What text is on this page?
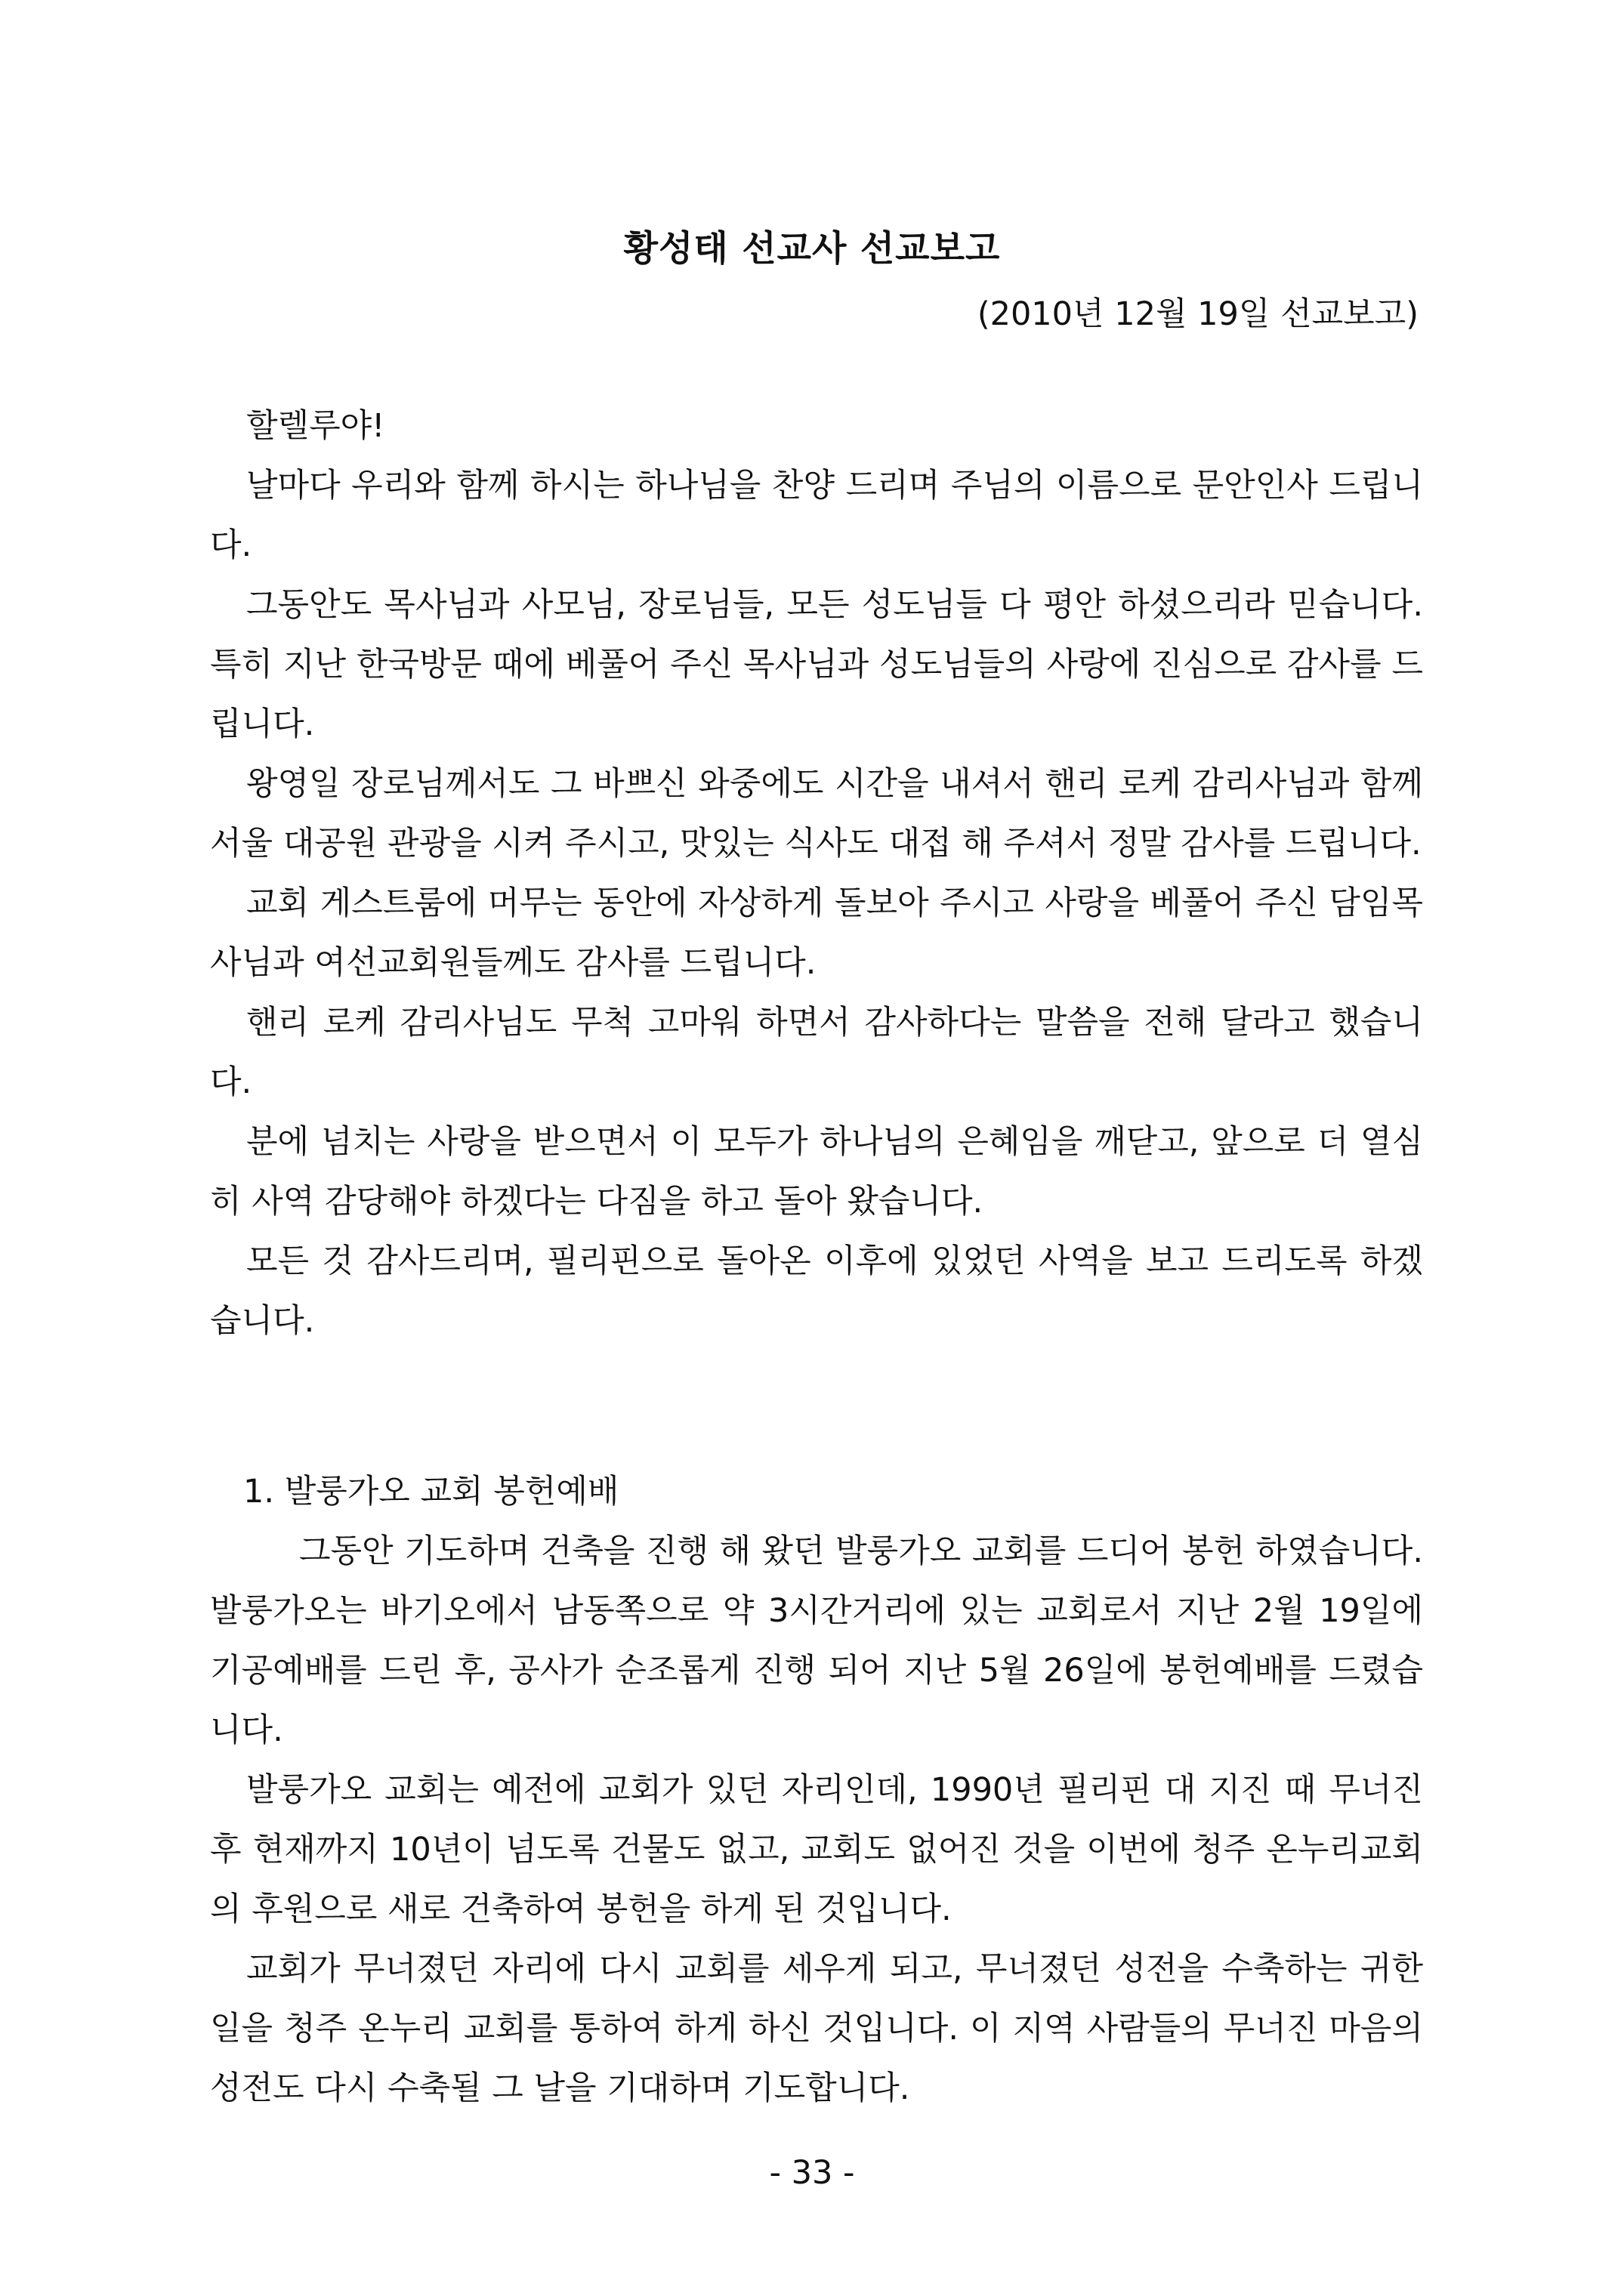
황성태 선교사 선교보고
(2010년 12월 19일 선교보고)

할렐루야!

날마다 우리와 함께 하시는 하나님을 찬양 드리며 주님의 이름으로 문안인사 드립니다.

그동안도 목사님과 사모님, 장로님들, 모든 성도님들 다 평안 하셨으리라 믿습니다. 특히 지난 한국방문 때에 베풀어 주신 목사님과 성도님들의 사랑에 진심으로 감사를 드립니다.

왕영일 장로님께서도 그 바쁘신 와중에도 시간을 내셔서 핸리 로케 감리사님과 함께 서울 대공원 관광을 시켜 주시고, 맛있는 식사도 대접 해 주셔서 정말 감사를 드립니다.

교회 게스트룸에 머무는 동안에 자상하게 돌보아 주시고 사랑을 베풀어 주신 담임목사님과 여선교회원들께도 감사를 드립니다.

핸리 로케 감리사님도 무척 고마워 하면서 감사하다는 말씀을 전해 달라고 했습니다.

분에 넘치는 사랑을 받으면서 이 모두가 하나님의 은혜임을 깨닫고, 앞으로 더 열심히 사역 감당해야 하겠다는 다짐을 하고 돌아 왔습니다.

모든 것 감사드리며, 필리핀으로 돌아온 이후에 있었던 사역을 보고 드리도록 하겠습니다.

1. 발룽가오 교회 봉헌예배

그동안 기도하며 건축을 진행 해 왔던 발룽가오 교회를 드디어 봉헌 하였습니다. 발룽가오는 바기오에서 남동쪽으로 약 3시간거리에 있는 교회로서 지난 2월 19일에 기공예배를 드린 후, 공사가 순조롭게 진행 되어 지난 5월 26일에 봉헌예배를 드렸습니다.

발룽가오 교회는 예전에 교회가 있던 자리인데, 1990년 필리핀 대 지진 때 무너진 후 현재까지 10년이 넘도록 건물도 없고, 교회도 없어진 것을 이번에 청주 온누리교회의 후원으로 새로 건축하여 봉헌을 하게 된 것입니다.

교회가 무너졌던 자리에 다시 교회를 세우게 되고, 무너졌던 성전을 수축하는 귀한 일을 청주 온누리 교회를 통하여 하게 하신 것입니다. 이 지역 사람들의 무너진 마음의 성전도 다시 수축될 그 날을 기대하며 기도합니다.

- 33 -
